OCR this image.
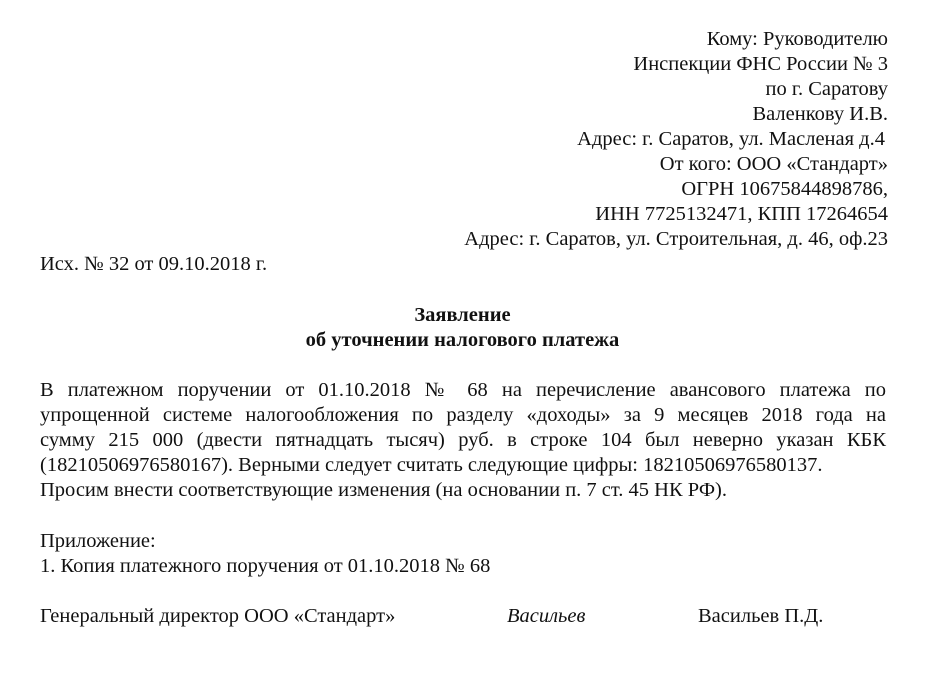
Кому: Руководителю
Инспекции ФНС России № 3
по г. Саратову
Валенкову И.В.
Адрес: г. Саратов, ул. Масленая д.4
От кого: ООО «Стандарт»
ОГРН 10675844898786,
ИНН 7725132471, КПП 17264654
Адрес: г. Саратов, ул. Строительная, д. 46, оф.23
Исх. № 32 от 09.10.2018 г.
Заявление
об уточнении налогового платежа
В платежном поручении от 01.10.2018 № 68 на перечисление авансового платежа по
упрощенной системе налогообложения по разделу «доходы» за 9 месяцев 2018 года на
сумму 215 000 (двести пятнадцать тысяч) руб. в строке 104 был неверно указан КБК
(18210506976580167). Верными следует считать следующие цифры: 18210506976580137.
Просим внести соответствующие изменения (на основании п. 7 ст. 45 НК РФ).
Приложение:
1. Копия платежного поручения от 01.10.2018 № 68
Генеральный директор ООО «Стандарт»	Васильев	Васильев П.Д.
